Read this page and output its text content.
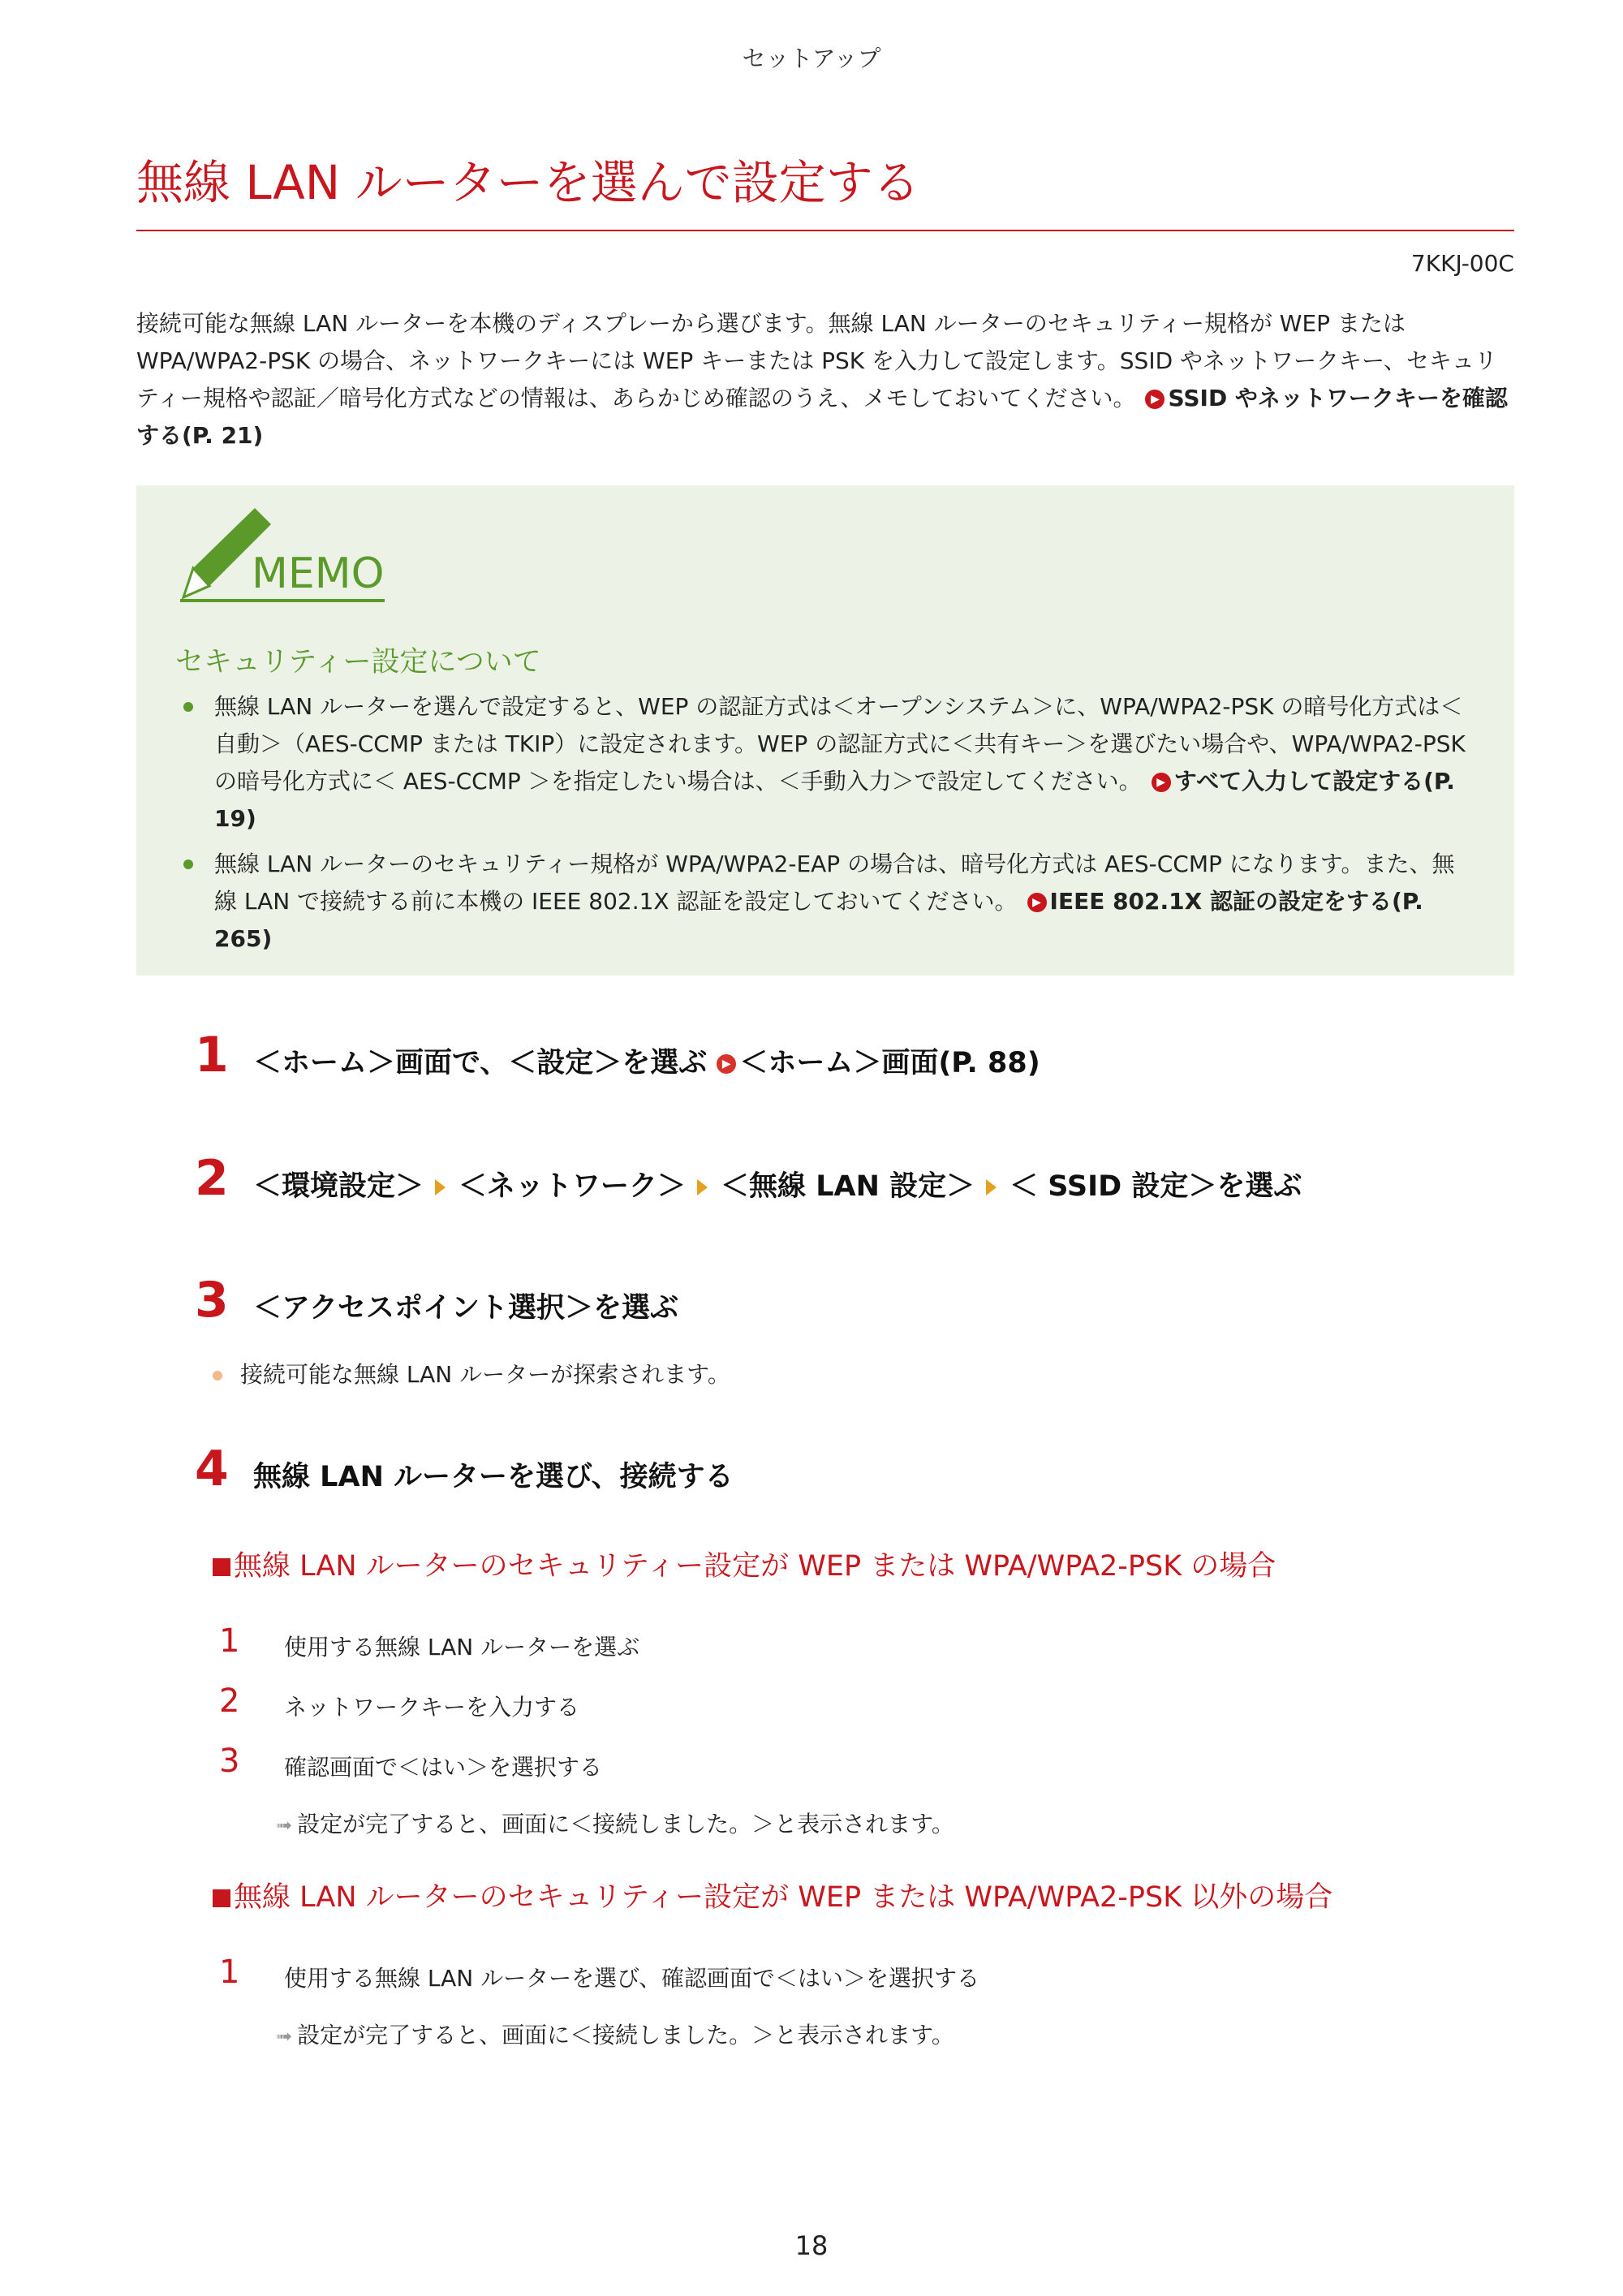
セットアップ
無線 LAN ルーターを選んで設定する
7KKJ-00C
接続可能な無線 LAN ルーターを本機のディスプレーから選びます。無線 LAN ルーターのセキュリティー規格が WEP または WPA/WPA2-PSK の場合、ネットワークキーには WEP キーまたは PSK を入力して設定します。SSID やネットワークキー、セキュリティー規格や認証／暗号化方式などの情報は、あらかじめ確認のうえ、メモしておいてください。 ▶ SSID やネットワークキーを確認する(P. 21)
MEMO
セキュリティー設定について
無線 LAN ルーターを選んで設定すると、WEP の認証方式は＜オープンシステム＞に、WPA/WPA2-PSK の暗号化方式は＜自動＞（AES-CCMP または TKIP）に設定されます。WEP の認証方式に＜共有キー＞を選びたい場合や、WPA/WPA2-PSK の暗号化方式に＜ AES-CCMP ＞を指定したい場合は、＜手動入力＞で設定してください。 ▶ すべて入力して設定する(P. 19)
無線 LAN ルーターのセキュリティー規格が WPA/WPA2-EAP の場合は、暗号化方式は AES-CCMP になります。また、無線 LAN で接続する前に本機の IEEE 802.1X 認証を設定しておいてください。 ▶ IEEE 802.1X 認証の設定をする(P. 265)
1 ＜ホーム＞画面で、＜設定＞を選ぶ ▶ ＜ホーム＞画面(P. 88)
2 ＜環境設定＞ ＜ネットワーク＞ ＜無線 LAN 設定＞ ＜ SSID 設定＞を選ぶ
3 ＜アクセスポイント選択＞を選ぶ
接続可能な無線 LAN ルーターが探索されます。
4 無線 LAN ルーターを選び、接続する
無線 LAN ルーターのセキュリティー設定が WEP または WPA/WPA2-PSK の場合
1 使用する無線 LAN ルーターを選ぶ
2 ネットワークキーを入力する
3 確認画面で＜はい＞を選択する
➟ 設定が完了すると、画面に＜接続しました。＞と表示されます。
無線 LAN ルーターのセキュリティー設定が WEP または WPA/WPA2-PSK 以外の場合
1 使用する無線 LAN ルーターを選び、確認画面で＜はい＞を選択する
➟ 設定が完了すると、画面に＜接続しました。＞と表示されます。
18
